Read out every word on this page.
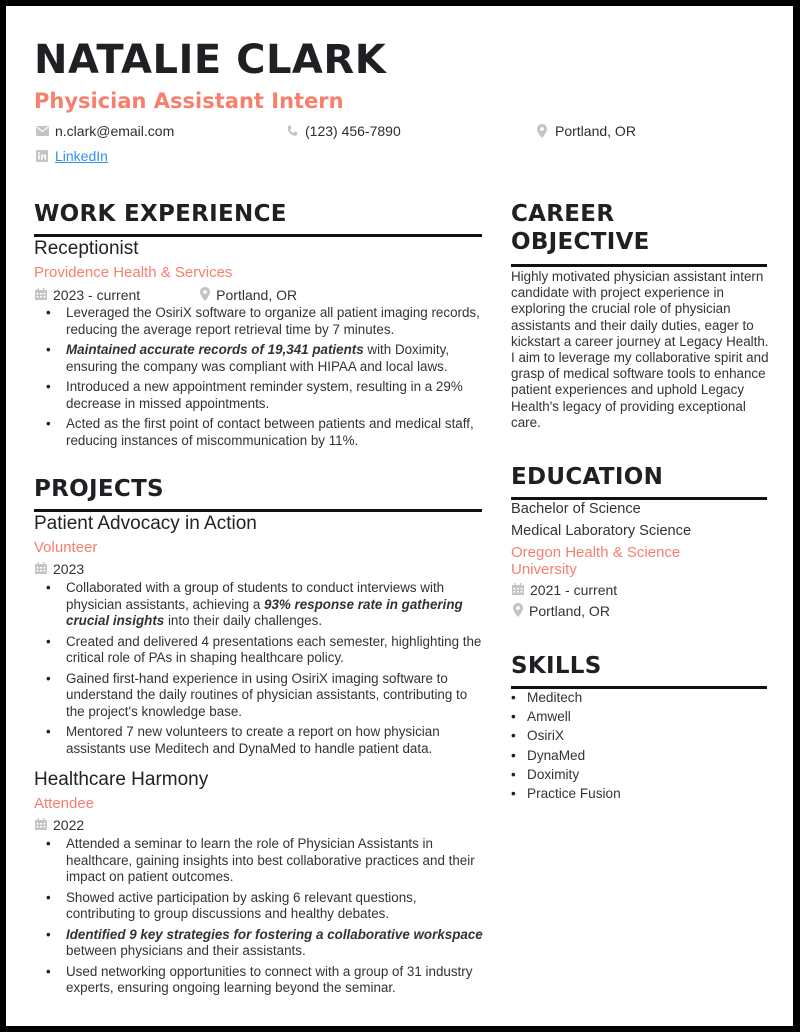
NATALIE CLARK
Physician Assistant Intern
n.clark@email.com	(123) 456-7890	Portland, OR
LinkedIn
WORK EXPERIENCE
Receptionist
Providence Health & Services
2023 - current	Portland, OR
• Leveraged the OsiriX software to organize all patient imaging records, reducing the average report retrieval time by 7 minutes.
• Maintained accurate records of 19,341 patients with Doximity, ensuring the company was compliant with HIPAA and local laws.
• Introduced a new appointment reminder system, resulting in a 29% decrease in missed appointments.
• Acted as the first point of contact between patients and medical staff, reducing instances of miscommunication by 11%.
PROJECTS
Patient Advocacy in Action
Volunteer
2023
• Collaborated with a group of students to conduct interviews with physician assistants, achieving a 93% response rate in gathering crucial insights into their daily challenges.
• Created and delivered 4 presentations each semester, highlighting the critical role of PAs in shaping healthcare policy.
• Gained first-hand experience in using OsiriX imaging software to understand the daily routines of physician assistants, contributing to the project's knowledge base.
• Mentored 7 new volunteers to create a report on how physician assistants use Meditech and DynaMed to handle patient data.
Healthcare Harmony
Attendee
2022
• Attended a seminar to learn the role of Physician Assistants in healthcare, gaining insights into best collaborative practices and their impact on patient outcomes.
• Showed active participation by asking 6 relevant questions, contributing to group discussions and healthy debates.
• Identified 9 key strategies for fostering a collaborative workspace between physicians and their assistants.
• Used networking opportunities to connect with a group of 31 industry experts, ensuring ongoing learning beyond the seminar.
CAREER
OBJECTIVE
Highly motivated physician assistant intern candidate with project experience in exploring the crucial role of physician assistants and their daily duties, eager to kickstart a career journey at Legacy Health. I aim to leverage my collaborative spirit and grasp of medical software tools to enhance patient experiences and uphold Legacy Health's legacy of providing exceptional care.
EDUCATION
Bachelor of Science
Medical Laboratory Science
Oregon Health & Science University
2021 - current
Portland, OR
SKILLS
• Meditech
• Amwell
• OsiriX
• DynaMed
• Doximity
• Practice Fusion
